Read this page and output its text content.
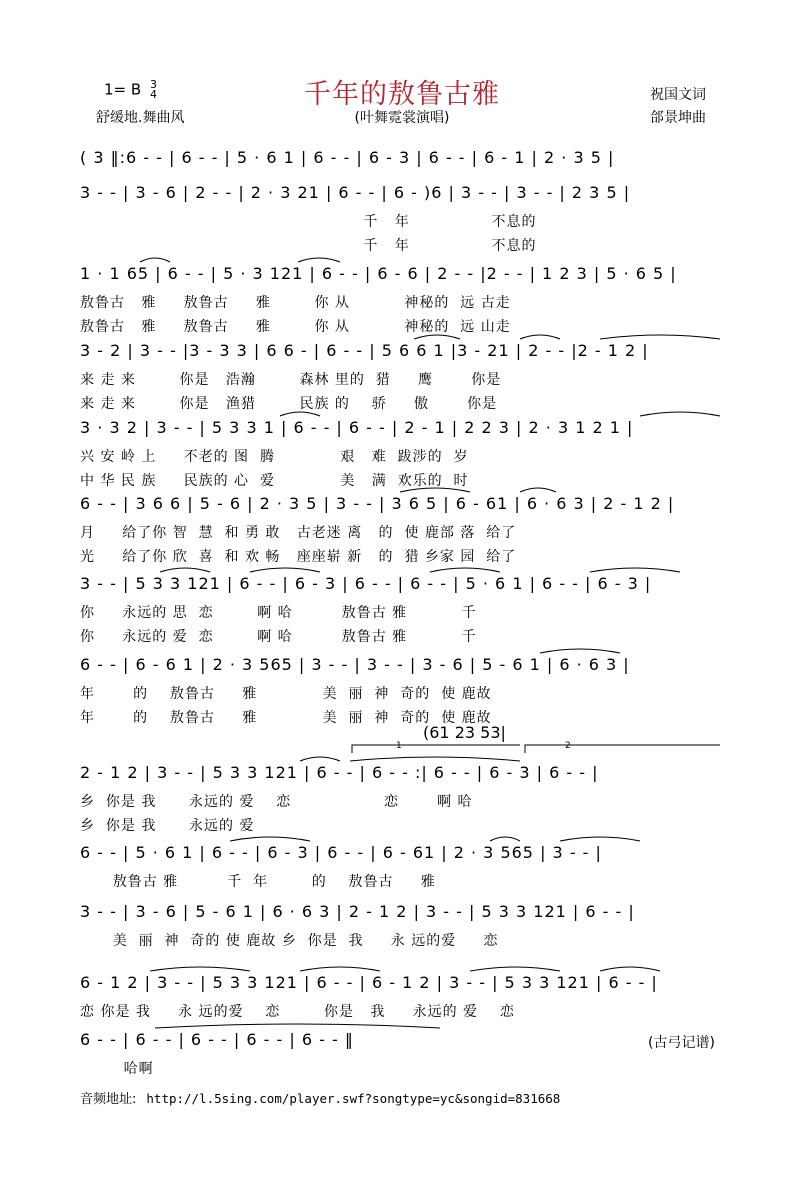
千年的敖鲁古雅
1= B 3
4
舒缓地.舞曲风	(叶舞霓裳演唱)
祝国文词
郃景坤曲
( 3 ‖:6 - - | 6 - - | 5 · 6 1 | 6 - - | 6 - 3 | 6 - - | 6 - 1 | 2 · 3 5 |
3 - - | 3 - 6 | 2 - - | 2 · 3 21 | 6 - - | 6 - )6 | 3 - - | 3 - - | 2 3 5 |
千   年               不息的
千   年               不息的
1 · 1 65 | 6 - - | 5 · 3 121 | 6 - - | 6 - 6 | 2 - - |2 - - | 1 2 3 | 5 · 6 5 |
敖鲁古   雅     敖鲁古     雅        你 从          神秘的  远 古走
敖鲁古   雅     敖鲁古     雅        你 从          神秘的  远 山走
3 - 2 | 3 - - |3 - 3 3 | 6 6 - | 6 - - | 5 6 6 1 |3 - 21 | 2 - - |2 - 1 2 |
来 走 来        你是   浩瀚        森林 里的  猎     鹰       你是
来 走 来        你是   渔猎        民族 的    骄     傲       你是
3 · 3 2 | 3 - - | 5 3 3 1 | 6 - - | 6 - - | 2 - 1 | 2 2 3 | 2 · 3 1 2 1 |
兴 安 岭 上     不老的 图  腾            艰   难  跋涉的  岁
中 华 民 族     民族的 心  爱            美   满  欢乐的  时
6 - - | 3 6 6 | 5 - 6 | 2 · 3 5 | 3 - - | 3 6 5 | 6 - 61 | 6 · 6 3 | 2 - 1 2 |
月     给了你 智  慧  和 勇 敢   古老迷 离   的  使 鹿部 落  给了
光     给了你 欣  喜  和 欢 畅   座座崭 新   的  猎 乡家 园  给了
3 - - | 5 3 3 121 | 6 - - | 6 - 3 | 6 - - | 6 - - | 5 · 6 1 | 6 - - | 6 - 3 |
你     永远的 思  恋        啊 哈         敖鲁古 雅          千
你     永远的 爱  恋        啊 哈         敖鲁古 雅          千
6 - - | 6 - 6 1 | 2 · 3 565 | 3 - - | 3 - - | 3 - 6 | 5 - 6 1 | 6 · 6 3 |
年       的    敖鲁古     雅            美  丽  神  奇的  使 鹿故
年       的    敖鲁古     雅            美  丽  神  奇的  使 鹿故
2 - 1 2 | 3 - - | 5 3 3 121 | 6 - - | 6 - - :| 6 - - | 6 - 3 | 6 - - |
乡  你是 我      永远的 爱    恋                 恋       啊 哈
乡  你是 我      永远的 爱
6 - - | 5 · 6 1 | 6 - - | 6 - 3 | 6 - - | 6 - 61 | 2 · 3 565 | 3 - - |
敖鲁古 雅         千  年        的    敖鲁古     雅
3 - - | 3 - 6 | 5 - 6 1 | 6 · 6 3 | 2 - 1 2 | 3 - - | 5 3 3 121 | 6 - - |
美  丽  神  奇的 使 鹿故 乡  你是  我     永 远的爱     恋
6 - 1 2 | 3 - - | 5 3 3 121 | 6 - - | 6 - 1 2 | 3 - - | 5 3 3 121 | 6 - - |
恋 你是 我     永 远的爱    恋        你是   我     永远的 爱    恋
6 - - | 6 - - | 6 - - | 6 - - | 6 - - ‖
哈啊
(61 23 53|
1	2
(古弓记谱)
音频地址: http://l.5sing.com/player.swf?songtype=yc&songid=831668
